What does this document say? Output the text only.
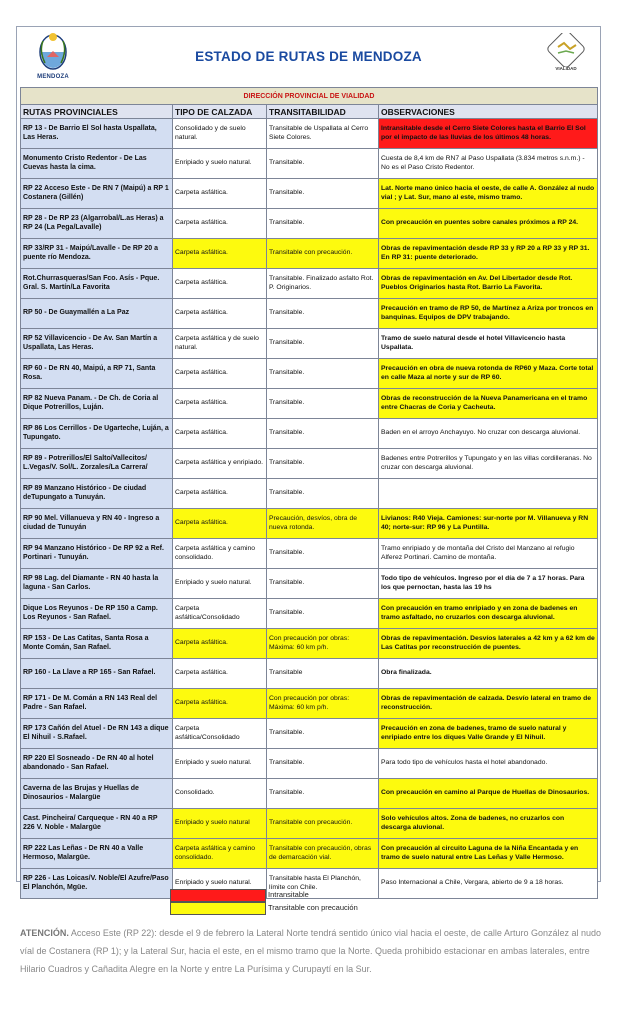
MENDOZA
ESTADO DE RUTAS DE MENDOZA
VIALIDAD
DIRECCIÓN PROVINCIAL DE VIALIDAD			
RUTAS PROVINCIALES	TIPO DE CALZADA	TRANSITABILIDAD	OBSERVACIONES
RP 13 - De Barrio El Sol hasta Uspallata, Las Heras.	Consolidado y de suelo natural.	Transitable de Uspallata al Cerro Siete Colores.	Intransitable desde el Cerro Siete Colores hasta el Barrio El Sol por el impacto de las lluvias de los últimos 48 horas.
Monumento Cristo Redentor - De Las Cuevas hasta la cima.	Enripiado y suelo natural.	Transitable.	Cuesta de 8,4 km de RN7 al Paso Uspallata (3.834 metros s.n.m.) - No es el Paso Cristo Redentor.
RP 22 Acceso Este - De RN 7 (Maipú) a RP 1 Costanera (Gillén)	Carpeta asfáltica.	Transitable.	Lat. Norte mano único hacia el oeste, de calle A. González al nudo vial ; y Lat. Sur, mano al este, mismo tramo.
RP 28 - De RP 23 (Algarrobal/L.as Heras) a RP 24 (La Pega/Lavalle)	Carpeta asfáltica.	Transitable.	Con precaución en puentes sobre canales próximos a RP 24.
RP 33/RP 31 - Maipú/Lavalle - De RP 20 a puente río Mendoza.	Carpeta asfáltica.	Transitable con precaución.	Obras de repavimentación desde RP 33 y RP 20 a RP 33 y RP 31. En RP 31: puente deteriorado.
Rot.Churrasqueras/San Fco. Asís - Pque. Gral. S. Martín/La Favorita	Carpeta asfáltica.	Transitable. Finalizado asfalto Rot. P. Originarios.	Obras de repavimentación en Av. Del Libertador desde Rot. Pueblos Originarios hasta Rot. Barrio La Favorita.
RP 50 - De Guaymallén a La Paz	Carpeta asfáltica.	Transitable.	Precaución en tramo de RP 50, de Martínez a Ariza por troncos en banquinas. Equipos de DPV trabajando.
RP 52 Villavicencio - De Av. San Martín a Uspallata, Las Heras.	Carpeta asfáltica y de suelo natural.	Transitable.	Tramo de suelo natural desde el hotel Villavicencio hasta Uspallata.
RP 60 - De RN 40, Maipú, a RP 71, Santa Rosa.	Carpeta asfáltica.	Transitable.	Precaución en obra de nueva rotonda de RP60 y Maza. Corte total en calle Maza al norte y sur de RP 60.
RP 82 Nueva Panam. - De Ch. de Coria al Dique Potrerillos, Luján.	Carpeta asfáltica.	Transitable.	Obras de reconstrucción de la Nueva Panamericana en el tramo entre Chacras de Coria y Cacheuta.
RP 86 Los Cerrillos - De Ugarteche, Luján, a Tupungato.	Carpeta asfáltica.	Transitable.	Baden en el arroyo Anchayuyo. No cruzar con descarga aluvional.
RP 89 - Potrerillos/El Salto/Vallecitos/ L.Vegas/V. Sol/L. Zorzales/La Carrera/	Carpeta asfáltica y enripiado.	Transitable.	Badenes entre Potrerillos y Tupungato y en las villas cordilleranas. No cruzar con descarga aluvional.
RP 89 Manzano Histórico - De ciudad deTupungato a Tunuyán.	Carpeta asfáltica.	Transitable.	
RP 90 Mel. Villanueva y RN 40 - Ingreso a ciudad de Tunuyán	Carpeta asfáltica.	Precaución, desvíos, obra de nueva rotonda.	Livianos: R40 Vieja. Camiones: sur-norte por M. Villanueva y RN 40; norte-sur: RP 96 y La Puntilla.
RP 94 Manzano Histórico - De RP 92 a Ref. Portinari - Tunuyán.	Carpeta asfáltica y camino consolidado.	Transitable.	Tramo enripiado y de montaña del Cristo del Manzano al refugio Alferez Portinari. Camino de montaña.
RP 98 Lag. del Diamante - RN 40 hasta la laguna - San Carlos.	Enripiado y suelo natural.	Transitable.	Todo tipo de vehículos. Ingreso por el día de 7 a 17 horas. Para los que pernoctan, hasta las 19 hs
Dique Los Reyunos - De RP 150 a Camp. Los Reyunos - San Rafael.	Carpeta asfáltica/Consolidado	Transitable.	Con precaución en tramo enripiado y en zona de badenes en tramo asfaltado, no cruzarlos con descarga aluvional.
RP 153 - De Las Catitas, Santa Rosa a Monte Comán, San Rafael.	Carpeta asfáltica.	Con precaución por obras: Máxima: 60 km p/h.	Obras de repavimentación. Desvíos laterales a 42 km y a 62 km de Las Catitas por reconstrucción de puentes.
RP 160 - La Llave a RP 165 - San Rafael.	Carpeta asfáltica.	Transitable	Obra finalizada.
RP 171 - De M. Comán a RN 143 Real del Padre - San Rafael.	Carpeta asfáltica.	Con precaución por obras: Máxima: 60 km p/h.	Obras de repavimentación de calzada. Desvío lateral en tramo de reconstrucción.
RP 173 Cañón del Atuel - De RN 143 a dique El Nihuil - S.Rafael.	Carpeta asfáltica/Consolidado	Transitable.	Precaución en zona de badenes, tramo de suelo natural y enripiado entre los diques Valle Grande y El Nihuil.
RP 220 El Sosneado - De RN 40 al hotel abandonado - San Rafael.	Enripiado y suelo natural.	Transitable.	Para todo tipo de vehículos hasta el hotel abandonado.
Caverna de las Brujas y Huellas de Dinosaurios - Malargüe	Consolidado.	Transitable.	Con precaución en camino al Parque de Huellas de Dinosaurios.
Cast. Pincheira/ Carqueque - RN 40 a RP 226 V. Noble - Malargüe	Enripiado y suelo natural	Transitable con precaución.	Solo vehículos altos. Zona de badenes, no cruzarlos con descarga aluvional.
RP 222 Las Leñas - De RN 40 a Valle Hermoso, Malargüe.	Carpeta asfáltica y camino consolidado.	Transitable con precaución, obras de demarcación vial.	Con precaución al circuito Laguna de la Niña Encantada y en tramo de suelo natural entre Las Leñas y Valle Hermoso.
RP 226 - Las Loicas/V. Noble/El Azufre/Paso El Planchón, Mgüe.	Enripiado y suelo natural.	Transitable hasta El Planchón, límite con Chile.	Paso Internacional a Chile, Vergara, abierto de 9 a 18 horas.
Intransitable
Transitable con precaución
ATENCIÓN. Acceso Este (RP 22): desde el 9 de febrero la Lateral Norte tendrá sentido único vial hacia el oeste, de calle Arturo González al nudo víal de Costanera (RP 1); y la Lateral Sur, hacia el este, en el mismo tramo que la Norte. Queda prohibido estacionar en ambas laterales, entre Hilario Cuadros y Cañadita Alegre en la Norte y entre La Purísima y Curupaytí en la Sur.
